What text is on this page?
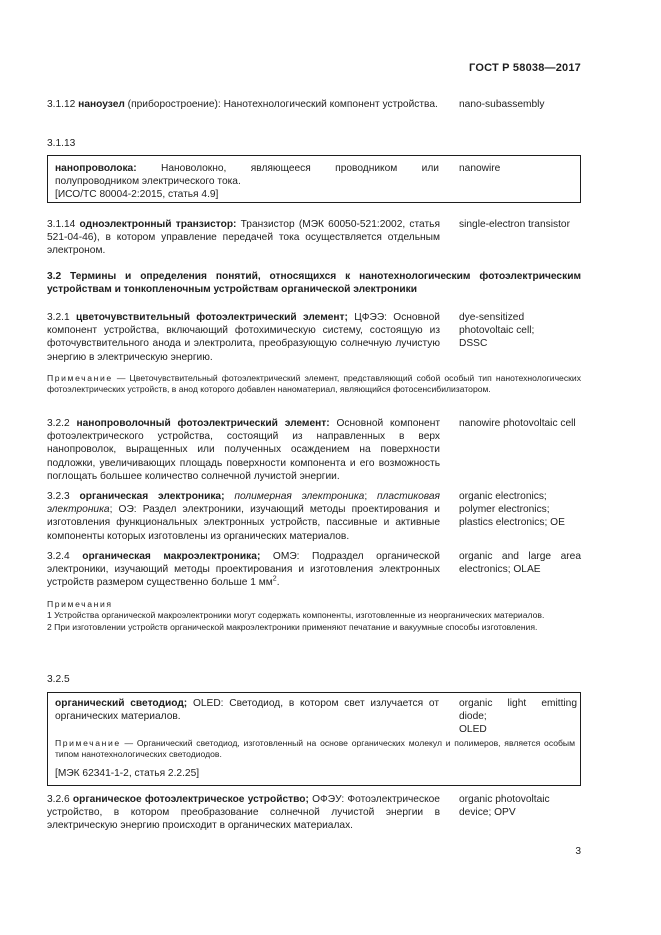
ГОСТ Р 58038—2017
3.1.12 наноузел (приборостроение): Нанотехнологический компонент устройства. nano-subassembly
3.1.13
нанопроволока: Нановолокно, являющееся проводником или полупроводником электрического тока.
[ИСО/ТС 80004-2:2015, статья 4.9]
nanowire
3.1.14 одноэлектронный транзистор: Транзистор (МЭК 60050-521:2002, статья 521-04-46), в котором управление передачей тока осуществляется отдельным электроном.
single-electron transistor
3.2 Термины и определения понятий, относящихся к нанотехнологическим фотоэлектрическим устройствам и тонкопленочным устройствам органической электроники
3.2.1 цветочувствительный фотоэлектрический элемент; ЦФЭЭ: Основной компонент устройства, включающий фотохимическую систему, состоящую из фоточувствительного анода и электролита, преобразующую солнечную лучистую энергию в электрическую энергию.
dye-sensitized
photovoltaic cell;
DSSC
Примечание — Цветочувствительный фотоэлектрический элемент, представляющий собой особый тип нанотехнологических фотоэлектрических устройств, в анод которого добавлен наноматериал, являющийся фотосенсибилизатором.
3.2.2 нанопроволочный фотоэлектрический элемент: Основной компонент фотоэлектрического устройства, состоящий из направленных в верх нанопроволок, выращенных или полученных осаждением на поверхности подложки, увеличивающих площадь поверхности компонента и его возможность поглощать большее количество солнечной лучистой энергии.
nanowire photovoltaic cell
3.2.3 органическая электроника; полимерная электроника; пластиковая электроника; ОЭ: Раздел электроники, изучающий методы проектирования и изготовления функциональных электронных устройств, пассивные и активные компоненты которых изготовлены из органических материалов.
organic electronics;
polymer electronics;
plastics electronics; OE
3.2.4 органическая макроэлектроника; ОМЭ: Подраздел органической электроники, изучающий методы проектирования и изготовления электронных устройств размером существенно больше 1 $мм^2$.
organic and large area
electronics; OLAE
Примечания
1 Устройства органической макроэлектроники могут содержать компоненты, изготовленные из неорганических материалов.
2 При изготовлении устройств органической макроэлектроники применяют печатание и вакуумные способы изготовления.
3.2.5
органический светодиод; OLED: Светодиод, в котором свет излучается от органических материалов.
organic light emitting
diode;
OLED
Примечание — Органический светодиод, изготовленный на основе органических молекул и полимеров, является особым типом нанотехнологических светодиодов.
[МЭК 62341-1-2, статья 2.2.25]
3.2.6 органическое фотоэлектрическое устройство; ОФЭУ: Фотоэлектрическое устройство, в котором преобразование солнечной лучистой энергии в электрическую энергию происходит в органических материалах.
organic photovoltaic
device; OPV
3
